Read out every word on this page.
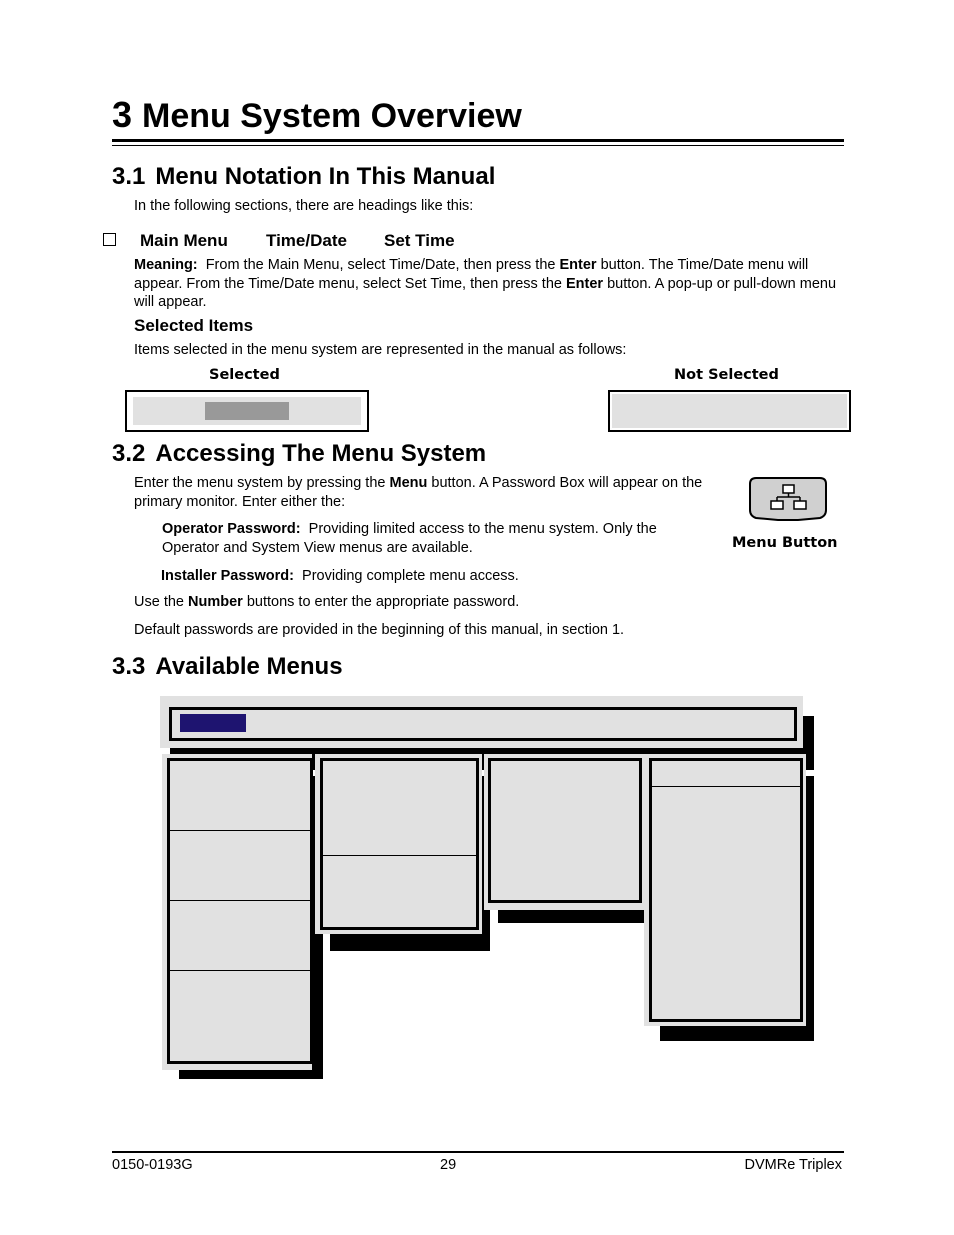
3 Menu System Overview
3.1 Menu Notation In This Manual
In the following sections, there are headings like this:
Main Menu Time/Date Set Time
Meaning: From the Main Menu, select Time/Date, then press the Enter button. The Time/Date menu will appear. From the Time/Date menu, select Set Time, then press the Enter button. A pop-up or pull-down menu will appear.
Selected Items
Items selected in the menu system are represented in the manual as follows:
Selected	Not Selected
3.2 Accessing The Menu System
Enter the menu system by pressing the Menu button. A Password Box will appear on the primary monitor. Enter either the:
Operator Password: Providing limited access to the menu system. Only the Operator and System View menus are available.
Installer Password: Providing complete menu access.
Use the Number buttons to enter the appropriate password.
Default passwords are provided in the beginning of this manual, in section 1.
Menu Button
3.3 Available Menus
0150-0193G	29	DVMRe Triplex
